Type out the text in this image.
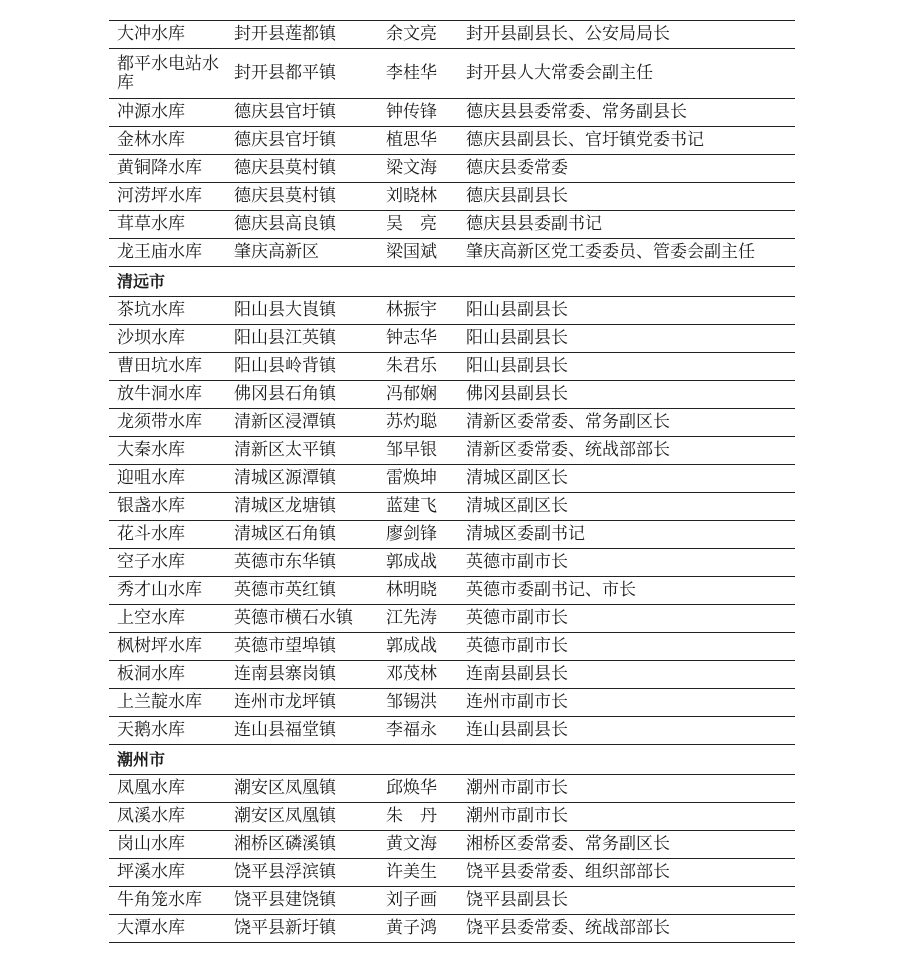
大冲水库	封开县莲都镇	余文亮	封开县副县长、公安局局长
都平水电站水库	封开县都平镇	李桂华	封开县人大常委会副主任
冲源水库	德庆县官圩镇	钟传锋	德庆县县委常委、常务副县长
金林水库	德庆县官圩镇	植思华	德庆县副县长、官圩镇党委书记
黄铜降水库	德庆县莫村镇	梁文海	德庆县委常委
河涝坪水库	德庆县莫村镇	刘晓林	德庆县副县长
茸草水库	德庆县高良镇	吴　亮	德庆县县委副书记
龙王庙水库	肇庆高新区	梁国斌	肇庆高新区党工委委员、管委会副主任
清远市
茶坑水库	阳山县大崀镇	林振宇	阳山县副县长
沙坝水库	阳山县江英镇	钟志华	阳山县副县长
曹田坑水库	阳山县岭背镇	朱君乐	阳山县副县长
放牛洞水库	佛冈县石角镇	冯郁娴	佛冈县副县长
龙须带水库	清新区浸潭镇	苏灼聪	清新区委常委、常务副区长
大秦水库	清新区太平镇	邹早银	清新区委常委、统战部部长
迎咀水库	清城区源潭镇	雷焕坤	清城区副区长
银盏水库	清城区龙塘镇	蓝建飞	清城区副区长
花斗水库	清城区石角镇	廖剑锋	清城区委副书记
空子水库	英德市东华镇	郭成战	英德市副市长
秀才山水库	英德市英红镇	林明晓	英德市委副书记、市长
上空水库	英德市横石水镇	江先涛	英德市副市长
枫树坪水库	英德市望埠镇	郭成战	英德市副市长
板洞水库	连南县寨岗镇	邓茂林	连南县副县长
上兰靛水库	连州市龙坪镇	邹锡洪	连州市副市长
天鹅水库	连山县福堂镇	李福永	连山县副县长
潮州市
凤凰水库	潮安区凤凰镇	邱焕华	潮州市副市长
凤溪水库	潮安区凤凰镇	朱　丹	潮州市副市长
岗山水库	湘桥区磷溪镇	黄文海	湘桥区委常委、常务副区长
坪溪水库	饶平县浮滨镇	许美生	饶平县委常委、组织部部长
牛角笼水库	饶平县建饶镇	刘子画	饶平县副县长
大潭水库	饶平县新圩镇	黄子鸿	饶平县委常委、统战部部长
